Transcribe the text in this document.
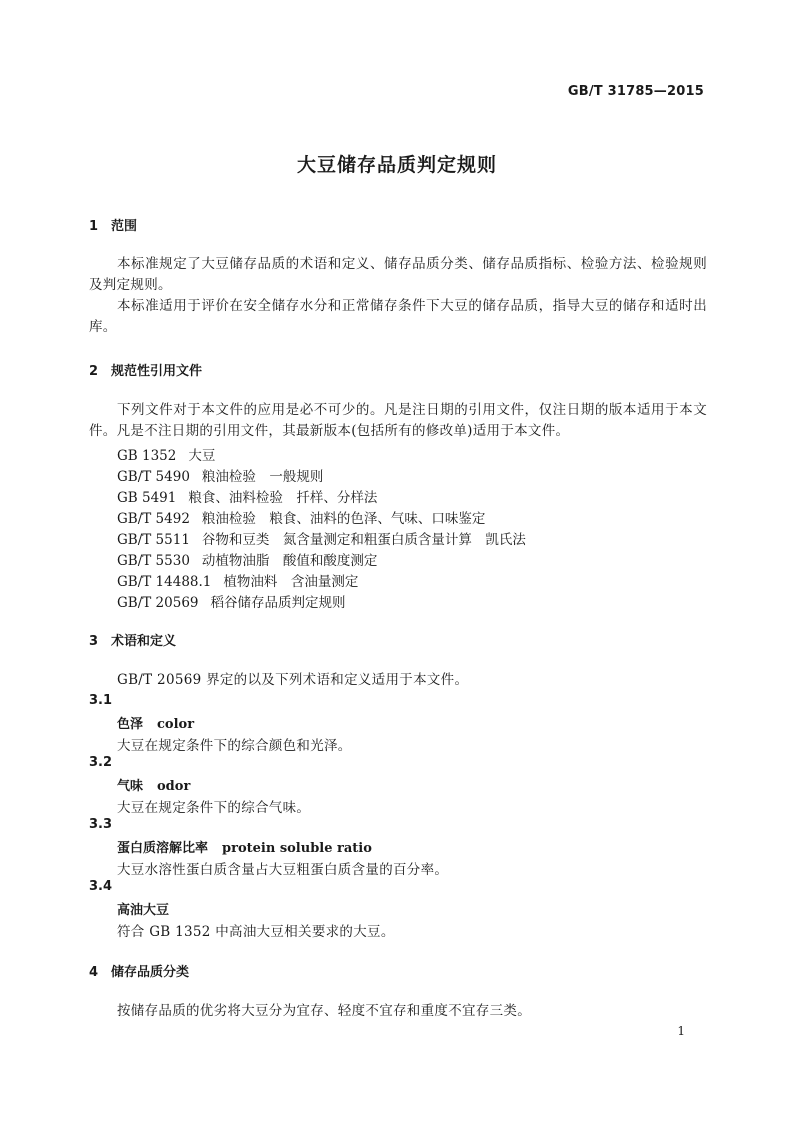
GB/T 31785—2015
大豆储存品质判定规则
1 范围
本标准规定了大豆储存品质的术语和定义、储存品质分类、储存品质指标、检验方法、检验规则及判定规则。
本标准适用于评价在安全储存水分和正常储存条件下大豆的储存品质，指导大豆的储存和适时出库。
2 规范性引用文件
下列文件对于本文件的应用是必不可少的。凡是注日期的引用文件，仅注日期的版本适用于本文件。凡是不注日期的引用文件，其最新版本(包括所有的修改单)适用于本文件。
GB 1352 大豆
GB/T 5490 粮油检验　一般规则
GB 5491 粮食、油料检验　扦样、分样法
GB/T 5492 粮油检验　粮食、油料的色泽、气味、口味鉴定
GB/T 5511 谷物和豆类　氮含量测定和粗蛋白质含量计算　凯氏法
GB/T 5530 动植物油脂　酸值和酸度测定
GB/T 14488.1 植物油料　含油量测定
GB/T 20569 稻谷储存品质判定规则
3 术语和定义
GB/T 20569 界定的以及下列术语和定义适用于本文件。
3.1
色泽 color
大豆在规定条件下的综合颜色和光泽。
3.2
气味 odor
大豆在规定条件下的综合气味。
3.3
蛋白质溶解比率 protein soluble ratio
大豆水溶性蛋白质含量占大豆粗蛋白质含量的百分率。
3.4
高油大豆
符合 GB 1352 中高油大豆相关要求的大豆。
4 储存品质分类
按储存品质的优劣将大豆分为宜存、轻度不宜存和重度不宜存三类。
1
